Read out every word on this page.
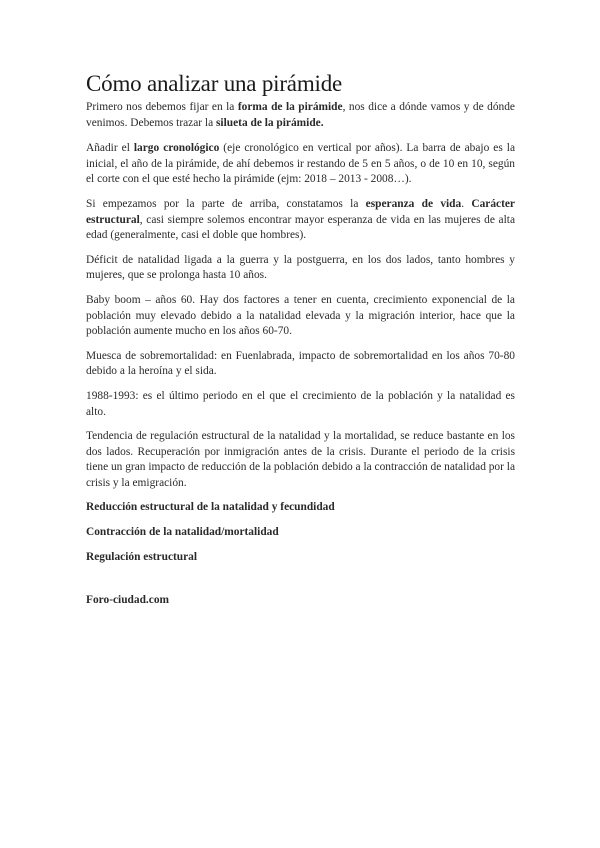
Cómo analizar una pirámide

Primero nos debemos fijar en la forma de la pirámide, nos dice a dónde vamos y de dónde venimos. Debemos trazar la silueta de la pirámide.

Añadir el largo cronológico (eje cronológico en vertical por años). La barra de abajo es la inicial, el año de la pirámide, de ahí debemos ir restando de 5 en 5 años, o de 10 en 10, según el corte con el que esté hecho la pirámide (ejm: 2018 – 2013 - 2008…).

Si empezamos por la parte de arriba, constatamos la esperanza de vida. Carácter estructural, casi siempre solemos encontrar mayor esperanza de vida en las mujeres de alta edad (generalmente, casi el doble que hombres).

Déficit de natalidad ligada a la guerra y la postguerra, en los dos lados, tanto hombres y mujeres, que se prolonga hasta 10 años.

Baby boom – años 60. Hay dos factores a tener en cuenta, crecimiento exponencial de la población muy elevado debido a la natalidad elevada y la migración interior, hace que la población aumente mucho en los años 60-70.

Muesca de sobremortalidad: en Fuenlabrada, impacto de sobremortalidad en los años 70-80 debido a la heroína y el sida.

1988-1993: es el último periodo en el que el crecimiento de la población y la natalidad es alto.

Tendencia de regulación estructural de la natalidad y la mortalidad, se reduce bastante en los dos lados. Recuperación por inmigración antes de la crisis. Durante el periodo de la crisis tiene un gran impacto de reducción de la población debido a la contracción de natalidad por la crisis y la emigración.

Reducción estructural de la natalidad y fecundidad

Contracción de la natalidad/mortalidad

Regulación estructural

Foro-ciudad.com
